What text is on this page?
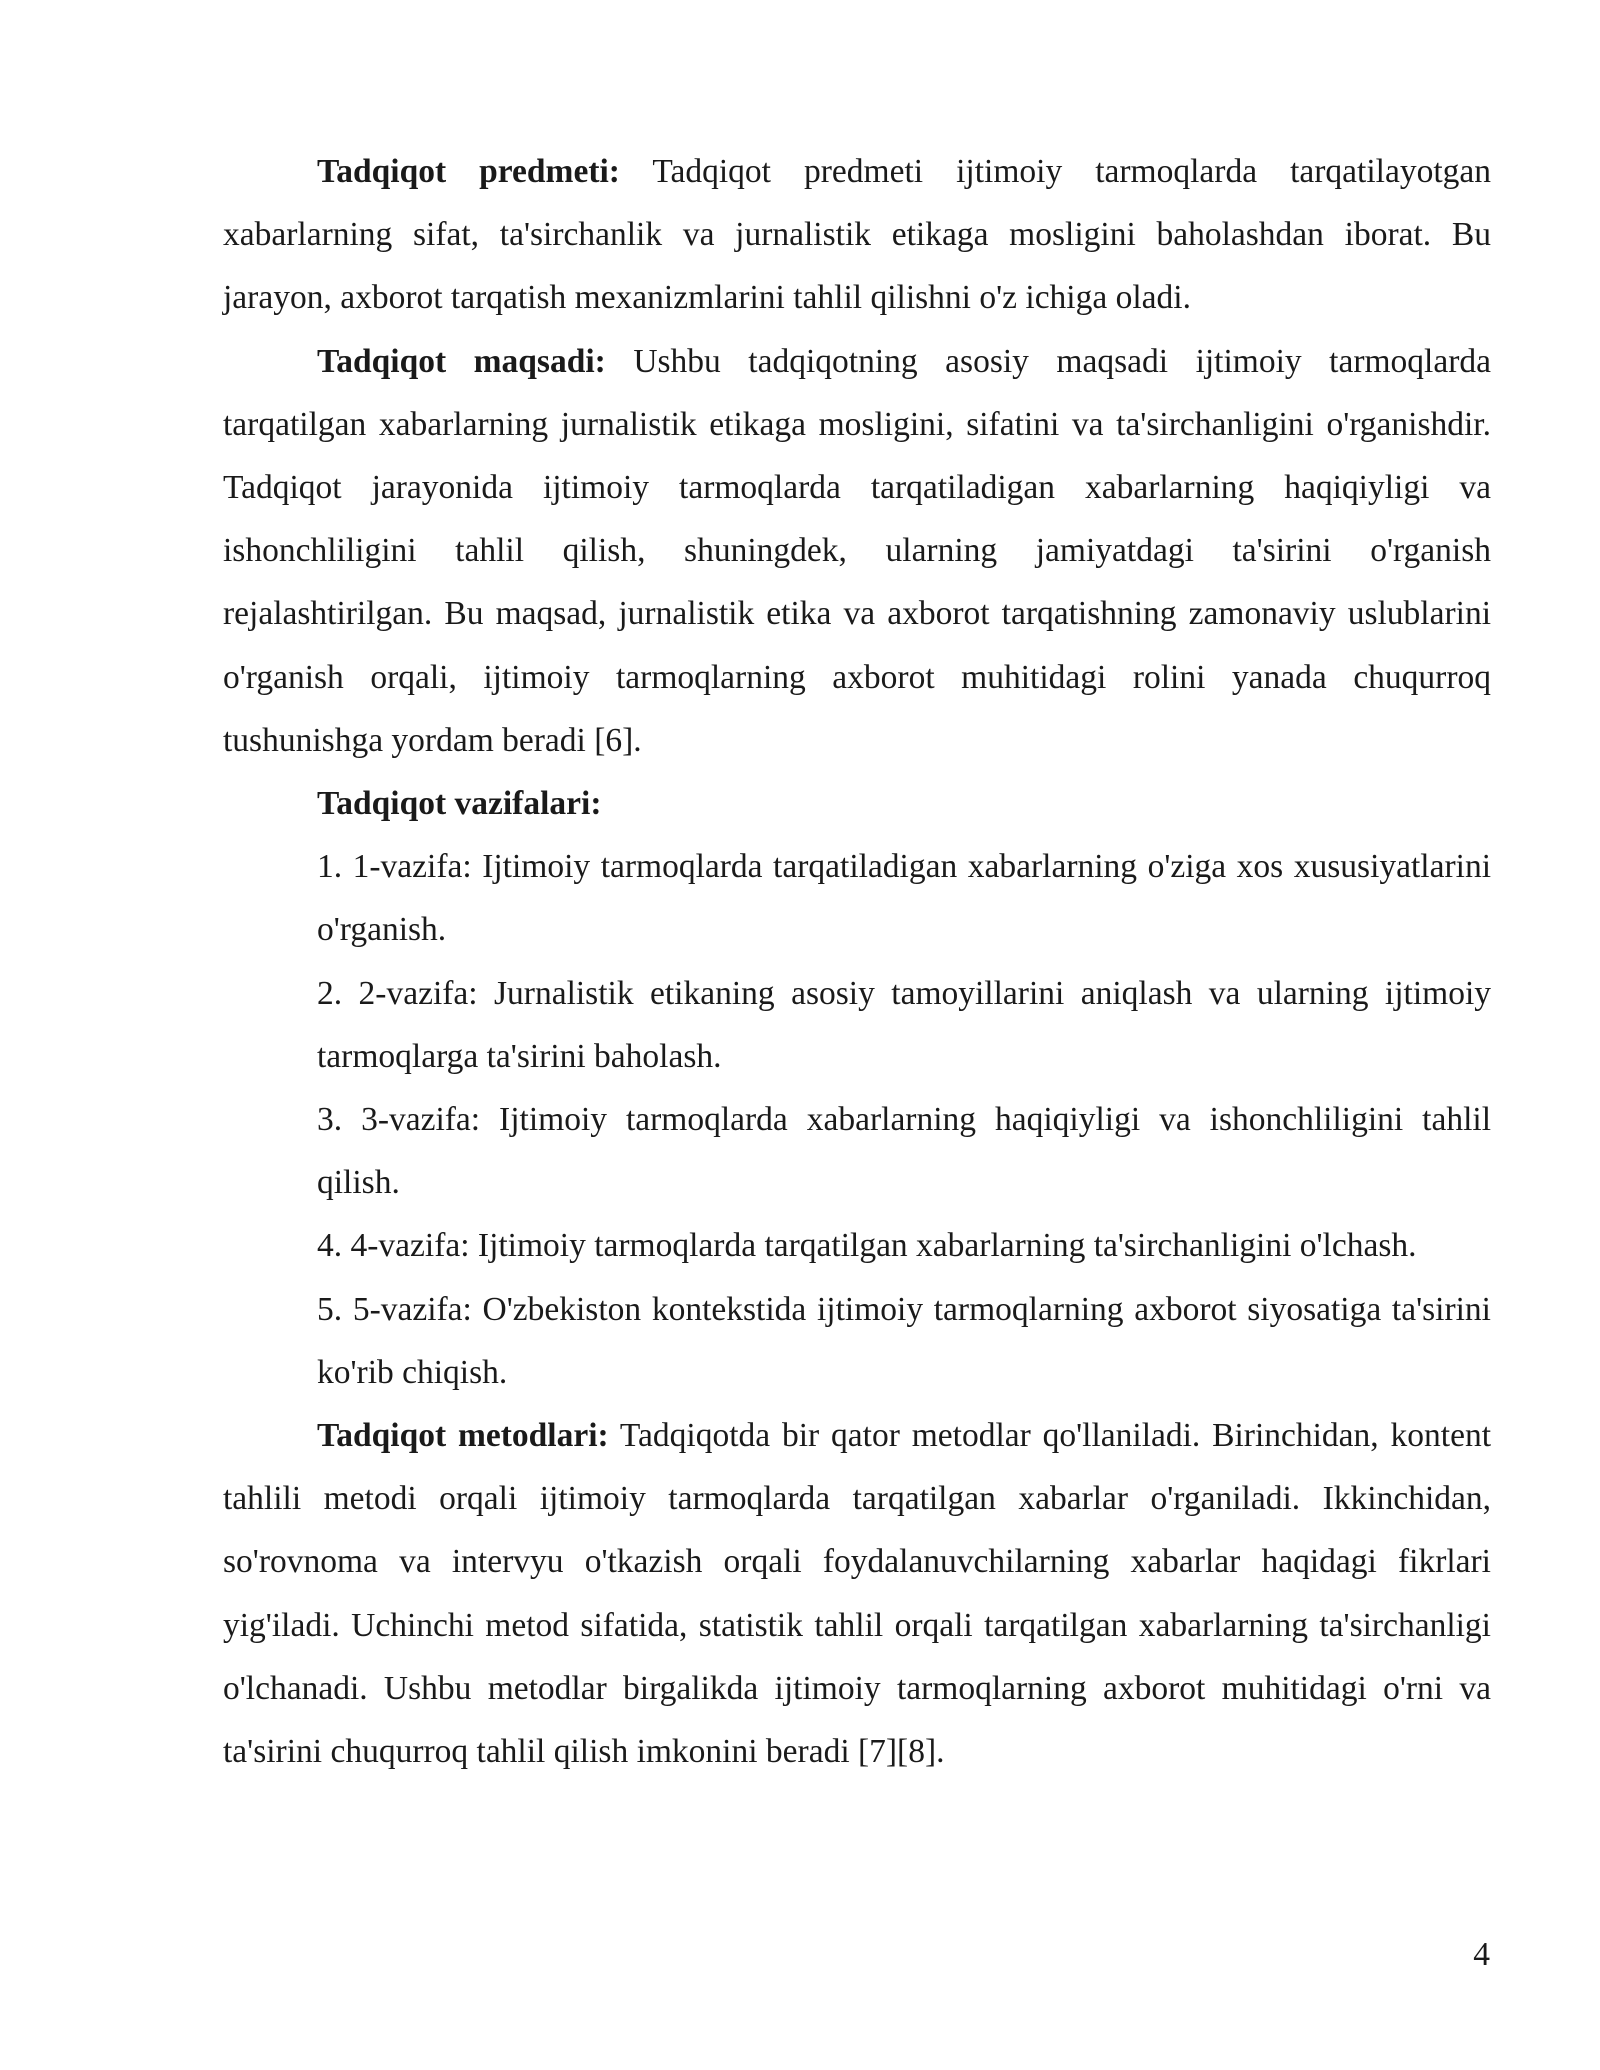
Tadqiqot predmeti: Tadqiqot predmeti ijtimoiy tarmoqlarda tarqatilayotgan xabarlarning sifat, ta'sirchanlik va jurnalistik etikaga mosligini baholashdan iborat. Bu jarayon, axborot tarqatish mexanizmlarini tahlil qilishni o'z ichiga oladi.

Tadqiqot maqsadi: Ushbu tadqiqotning asosiy maqsadi ijtimoiy tarmoqlarda tarqatilgan xabarlarning jurnalistik etikaga mosligini, sifatini va ta'sirchanligini o'rganishdir. Tadqiqot jarayonida ijtimoiy tarmoqlarda tarqatiladigan xabarlarning haqiqiyligi va ishonchliligini tahlil qilish, shuningdek, ularning jamiyatdagi ta'sirini o'rganish rejalashtirilgan. Bu maqsad, jurnalistik etika va axborot tarqatishning zamonaviy uslublarini o'rganish orqali, ijtimoiy tarmoqlarning axborot muhitidagi rolini yanada chuqurroq tushunishga yordam beradi [6].

Tadqiqot vazifalari:

1. 1-vazifa: Ijtimoiy tarmoqlarda tarqatiladigan xabarlarning o'ziga xos xususiyatlarini o'rganish.

2. 2-vazifa: Jurnalistik etikaning asosiy tamoyillarini aniqlash va ularning ijtimoiy tarmoqlarga ta'sirini baholash.

3. 3-vazifa: Ijtimoiy tarmoqlarda xabarlarning haqiqiyligi va ishonchliligini tahlil qilish.

4. 4-vazifa: Ijtimoiy tarmoqlarda tarqatilgan xabarlarning ta'sirchanligini o'lchash.

5. 5-vazifa: O'zbekiston kontekstida ijtimoiy tarmoqlarning axborot siyosatiga ta'sirini ko'rib chiqish.

Tadqiqot metodlari: Tadqiqotda bir qator metodlar qo'llaniladi. Birinchidan, kontent tahlili metodi orqali ijtimoiy tarmoqlarda tarqatilgan xabarlar o'rganiladi. Ikkinchidan, so'rovnoma va intervyu o'tkazish orqali foydalanuvchilarning xabarlar haqidagi fikrlari yig'iladi. Uchinchi metod sifatida, statistik tahlil orqali tarqatilgan xabarlarning ta'sirchanligi o'lchanadi. Ushbu metodlar birgalikda ijtimoiy tarmoqlarning axborot muhitidagi o'rni va ta'sirini chuqurroq tahlil qilish imkonini beradi [7][8].

4
